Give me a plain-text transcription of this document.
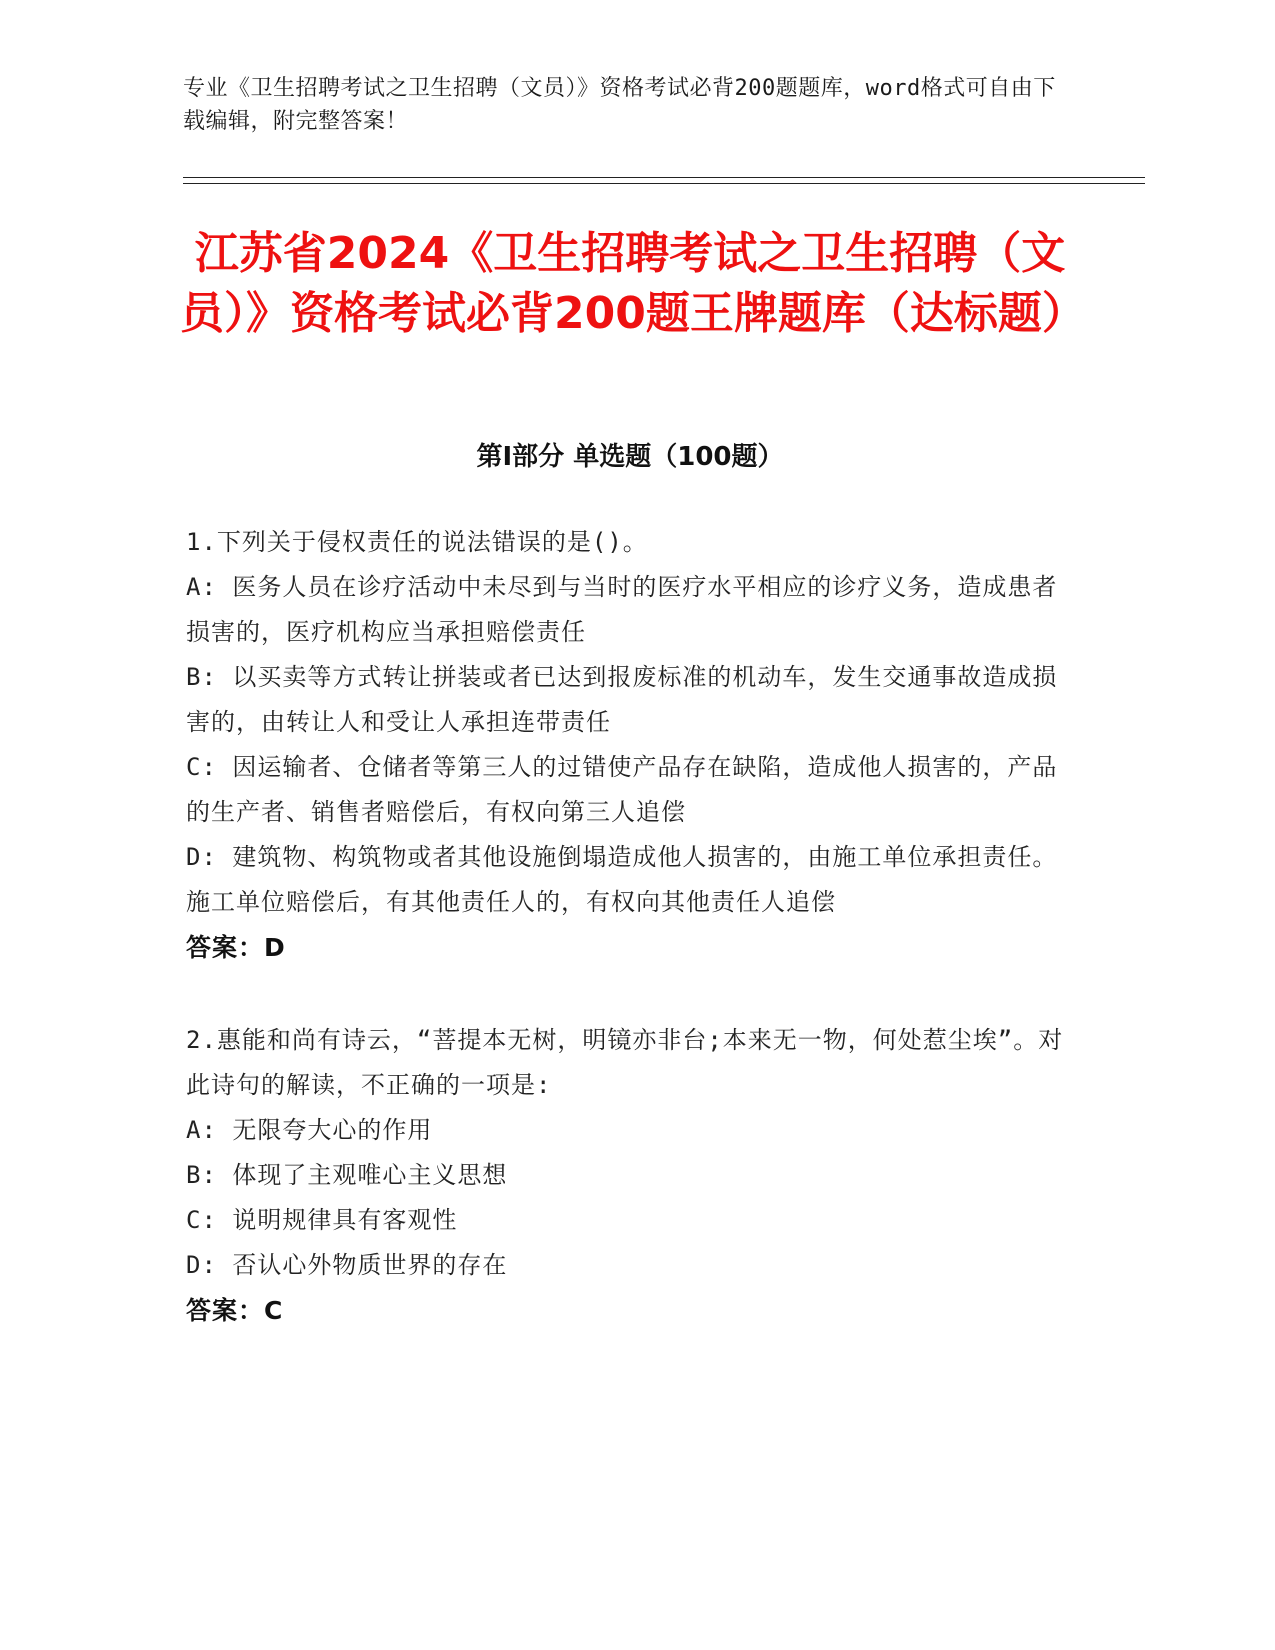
专业《卫生招聘考试之卫生招聘（文员）》资格考试必背200题题库，word格式可自由下载编辑，附完整答案！
江苏省2024《卫生招聘考试之卫生招聘（文员）》资格考试必背200题王牌题库（达标题）
第I部分 单选题（100题）
1.下列关于侵权责任的说法错误的是()。
A: 医务人员在诊疗活动中未尽到与当时的医疗水平相应的诊疗义务，造成患者损害的，医疗机构应当承担赔偿责任
B: 以买卖等方式转让拼装或者已达到报废标准的机动车，发生交通事故造成损害的，由转让人和受让人承担连带责任
C: 因运输者、仓储者等第三人的过错使产品存在缺陷，造成他人损害的，产品的生产者、销售者赔偿后，有权向第三人追偿
D: 建筑物、构筑物或者其他设施倒塌造成他人损害的，由施工单位承担责任。施工单位赔偿后，有其他责任人的，有权向其他责任人追偿
答案：D
2.惠能和尚有诗云，“菩提本无树，明镜亦非台;本来无一物，何处惹尘埃”。对此诗句的解读，不正确的一项是:
A: 无限夸大心的作用
B: 体现了主观唯心主义思想
C: 说明规律具有客观性
D: 否认心外物质世界的存在
答案：C
